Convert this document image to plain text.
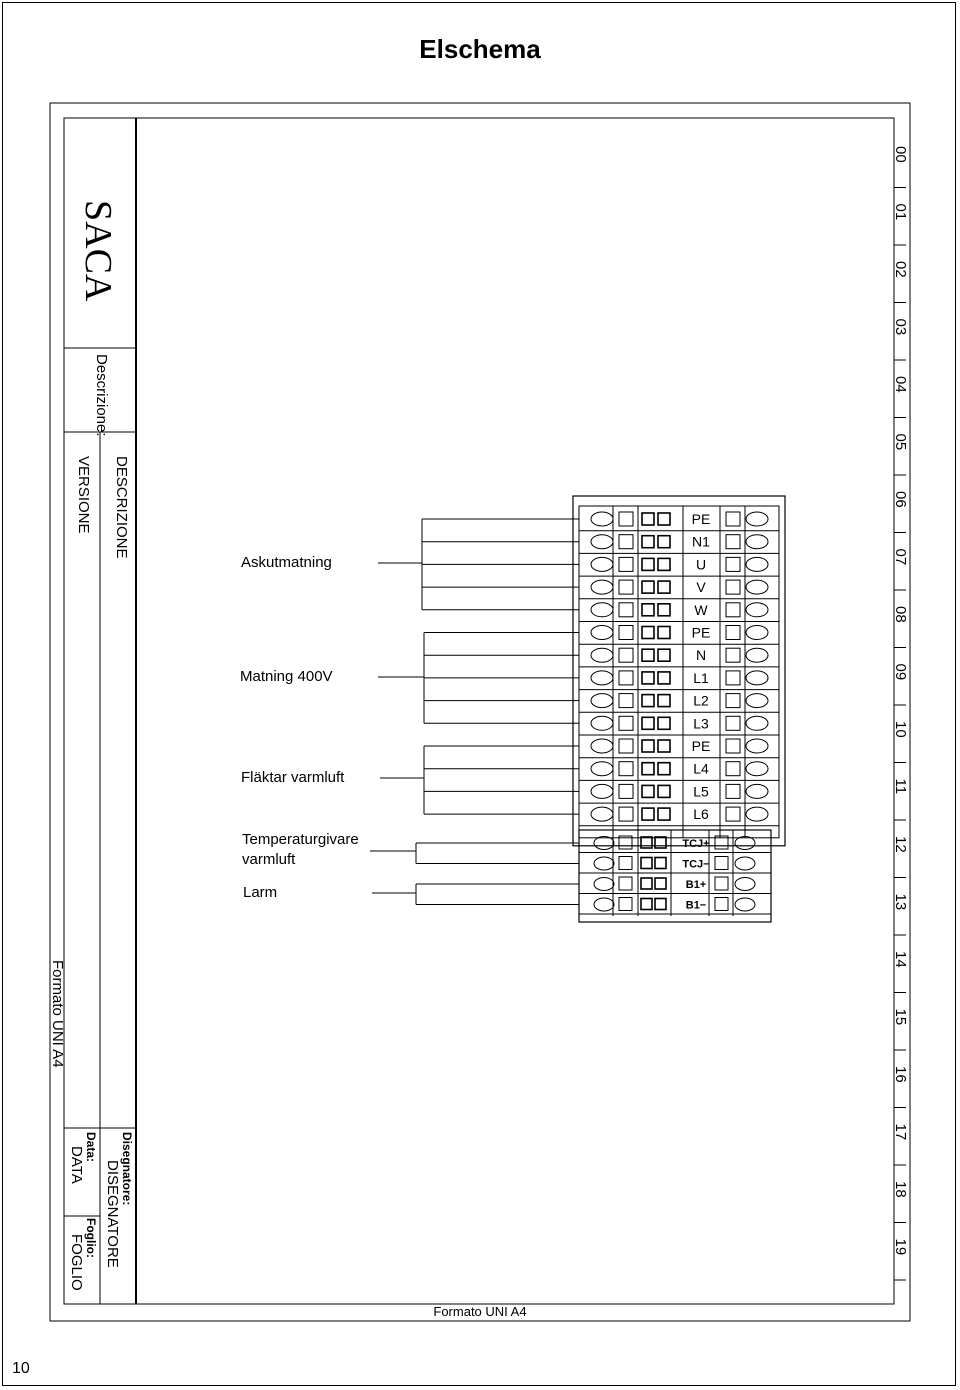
Elschema
10
SACA
Descrizione:
DESCRIZIONE
VERSIONE
Formato UNI A4
Disegnatore:
DISEGNATORE
Data:
DATA
Foglio:
FOGLIO
00
01
02
03
04
05
06
07
08
09
10
11
12
13
14
15
16
17
18
19
PE
N1
U
V
W
PE
N
L1
L2
L3
PE
L4
L5
L6
TCJ+
TCJ−
B1+
B1−
Askutmatning
Matning 400V
Fläktar varmluft
Temperaturgivare
varmluft
Larm
Formato UNI A4
